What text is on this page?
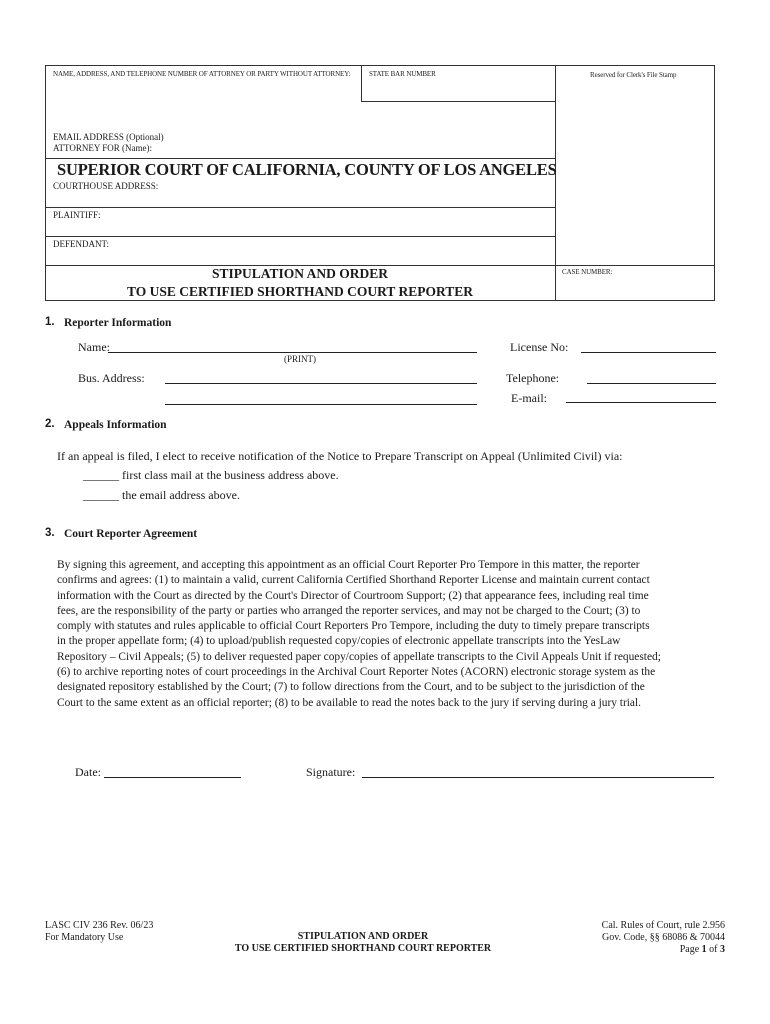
NAME, ADDRESS, AND TELEPHONE NUMBER OF ATTORNEY OR PARTY WITHOUT ATTORNEY:	STATE BAR NUMBER	Reserved for Clerk's File Stamp
EMAIL ADDRESS (Optional)
ATTORNEY FOR (Name):
SUPERIOR COURT OF CALIFORNIA, COUNTY OF LOS ANGELES
COURTHOUSE ADDRESS:
PLAINTIFF:
DEFENDANT:
STIPULATION AND ORDER
TO USE CERTIFIED SHORTHAND COURT REPORTER
CASE NUMBER:
1. Reporter Information
Name:
(PRINT)
License No:
Bus. Address:	Telephone:
E-mail:
2. Appeals Information
If an appeal is filed, I elect to receive notification of the Notice to Prepare Transcript on Appeal (Unlimited Civil) via:
______ first class mail at the business address above.
______ the email address above.
3. Court Reporter Agreement
By signing this agreement, and accepting this appointment as an official Court Reporter Pro Tempore in this matter, the reporter
confirms and agrees: (1) to maintain a valid, current California Certified Shorthand Reporter License and maintain current contact
information with the Court as directed by the Court's Director of Courtroom Support; (2) that appearance fees, including real time
fees, are the responsibility of the party or parties who arranged the reporter services, and may not be charged to the Court; (3) to
comply with statutes and rules applicable to official Court Reporters Pro Tempore, including the duty to timely prepare transcripts
in the proper appellate form; (4) to upload/publish requested copy/copies of electronic appellate transcripts into the YesLaw
Repository – Civil Appeals; (5) to deliver requested paper copy/copies of appellate transcripts to the Civil Appeals Unit if requested;
(6) to archive reporting notes of court proceedings in the Archival Court Reporter Notes (ACORN) electronic storage system as the
designated repository established by the Court; (7) to follow directions from the Court, and to be subject to the jurisdiction of the
Court to the same extent as an official reporter; (8) to be available to read the notes back to the jury if serving during a jury trial.
Date:	Signature:
LASC CIV 236 Rev. 06/23
For Mandatory Use	STIPULATION AND ORDER
TO USE CERTIFIED SHORTHAND COURT REPORTER
Cal. Rules of Court, rule 2.956
Gov. Code, §§ 68086 & 70044
Page 1 of 3
